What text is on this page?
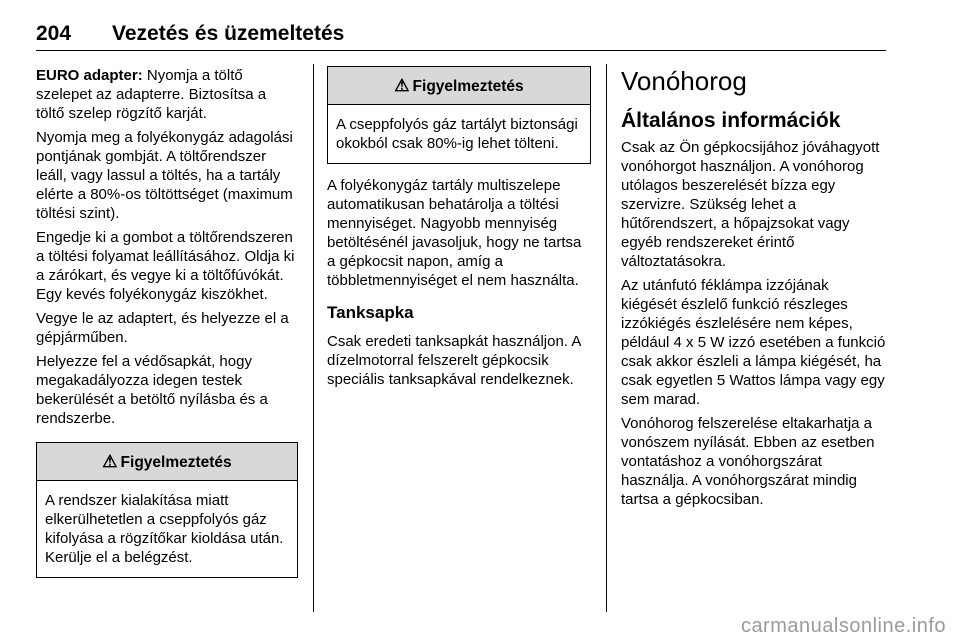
204 Vezetés és üzemeltetés

EURO adapter: Nyomja a töltő szelepet az adapterre. Biztosítsa a töltő szelep rögzítő karját.

Nyomja meg a folyékonygáz adagolási pontjának gombját. A töltőrendszer leáll, vagy lassul a töltés, ha a tartály elérte a 80%-os töltöttséget (maximum töltési szint).

Engedje ki a gombot a töltőrendszeren a töltési folyamat leállításához. Oldja ki a zárókart, és vegye ki a töltőfúvókát. Egy kevés folyékonygáz kiszökhet.

Vegye le az adaptert, és helyezze el a gépjárműben.

Helyezze fel a védősapkát, hogy megakadályozza idegen testek bekerülését a betöltő nyílásba és a rendszerbe.

⚠ Figyelmeztetés
A rendszer kialakítása miatt elkerülhetetlen a cseppfolyós gáz kifolyása a rögzítőkar kioldása után. Kerülje el a belégzést.
⚠ Figyelmeztetés
A cseppfolyós gáz tartályt biztonsági okokból csak 80%-ig lehet tölteni.

A folyékonygáz tartály multiszelepe automatikusan behatárolja a töltési mennyiséget. Nagyobb mennyiség betöltésénél javasoljuk, hogy ne tartsa a gépkocsit napon, amíg a többletmennyiséget el nem használta.

Tanksapka

Csak eredeti tanksapkát használjon. A dízelmotorral felszerelt gépkocsik speciális tanksapkával rendelkeznek.

Vonóhorog
Általános információk

Csak az Ön gépkocsijához jóváhagyott vonóhorgot használjon. A vonóhorog utólagos beszerelését bízza egy szervizre. Szükség lehet a hűtőrendszert, a hőpajzsokat vagy egyéb rendszereket érintő változtatásokra.

Az utánfutó féklámpa izzójának kiégését észlelő funkció részleges izzókiégés észlelésére nem képes, például 4 x 5 W izzó esetében a funkció csak akkor észleli a lámpa kiégését, ha csak egyetlen 5 Wattos lámpa vagy egy sem marad.

Vonóhorog felszerelése eltakarhatja a vonószem nyílását. Ebben az esetben vontatáshoz a vonóhorgszárat használja. A vonóhorgszárat mindig tartsa a gépkocsiban.

carmanualsonline.info
